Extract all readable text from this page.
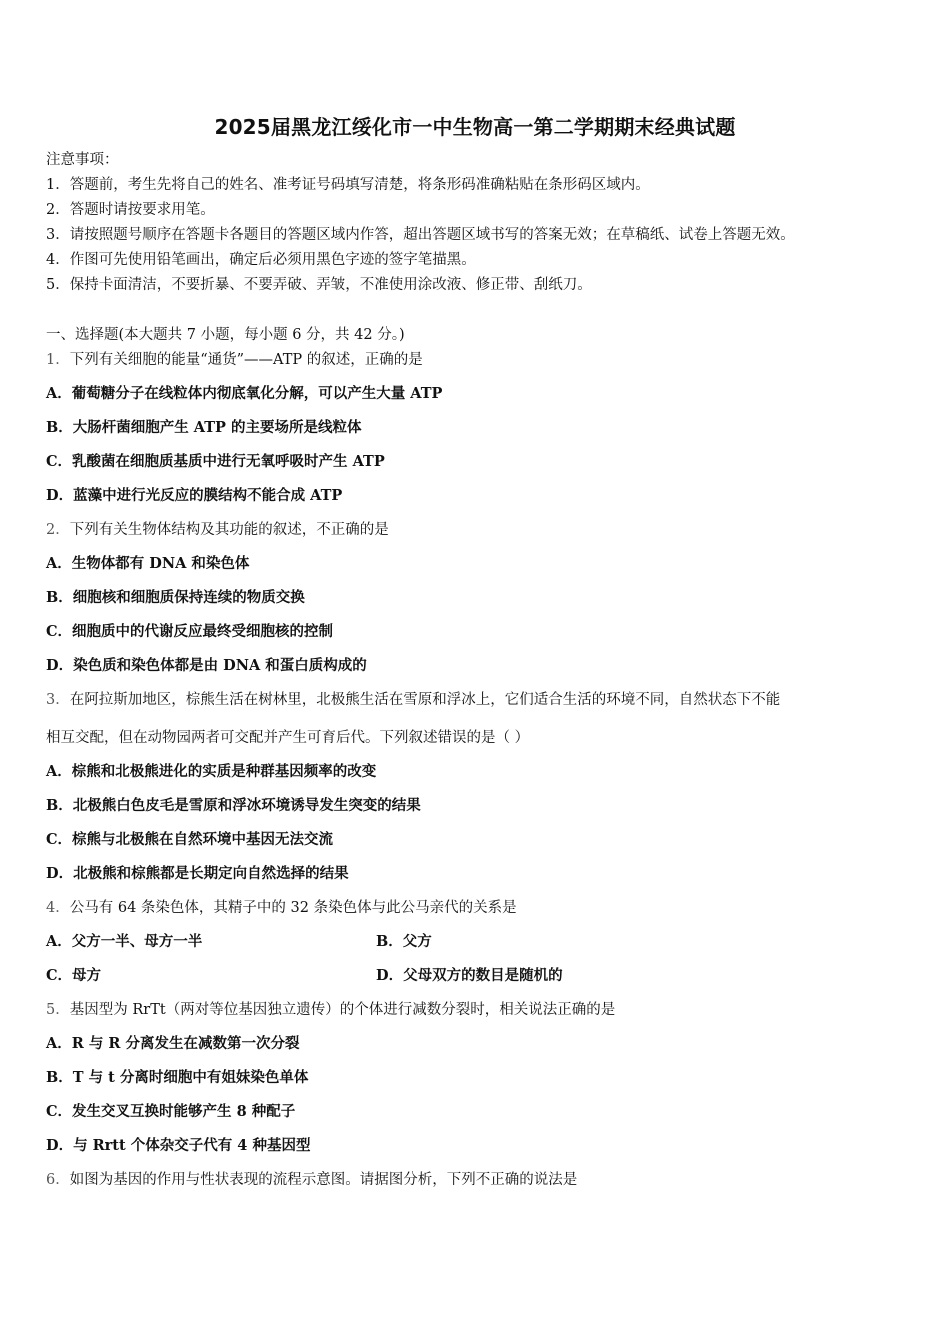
2025届黑龙江绥化市一中生物高一第二学期期末经典试题
注意事项：
1．答题前，考生先将自己的姓名、准考证号码填写清楚，将条形码准确粘贴在条形码区域内。
2．答题时请按要求用笔。
3．请按照题号顺序在答题卡各题目的答题区域内作答，超出答题区域书写的答案无效；在草稿纸、试卷上答题无效。
4．作图可先使用铅笔画出，确定后必须用黑色字迹的签字笔描黑。
5．保持卡面清洁，不要折暴、不要弄破、弄皱，不准使用涂改液、修正带、刮纸刀。
一、选择题(本大题共 7 小题，每小题 6 分，共 42 分。)
1．下列有关细胞的能量“通货”——ATP 的叙述，正确的是
A．葡萄糖分子在线粒体内彻底氧化分解，可以产生大量 ATP
B．大肠杆菌细胞产生 ATP 的主要场所是线粒体
C．乳酸菌在细胞质基质中进行无氧呼吸时产生 ATP
D．蓝藻中进行光反应的膜结构不能合成 ATP
2．下列有关生物体结构及其功能的叙述，不正确的是
A．生物体都有 DNA 和染色体
B．细胞核和细胞质保持连续的物质交换
C．细胞质中的代谢反应最终受细胞核的控制
D．染色质和染色体都是由 DNA 和蛋白质构成的
3．在阿拉斯加地区，棕熊生活在树林里，北极熊生活在雪原和浮冰上，它们适合生活的环境不同，自然状态下不能
相互交配，但在动物园两者可交配并产生可育后代。下列叙述错误的是（ ）
A．棕熊和北极熊进化的实质是种群基因频率的改变
B．北极熊白色皮毛是雪原和浮冰环境诱导发生突变的结果
C．棕熊与北极熊在自然环境中基因无法交流
D．北极熊和棕熊都是长期定向自然选择的结果
4．公马有 64 条染色体，其精子中的 32 条染色体与此公马亲代的关系是
A．父方一半、母方一半	B．父方
C．母方	D．父母双方的数目是随机的
5．基因型为 RrTt（两对等位基因独立遗传）的个体进行减数分裂时，相关说法正确的是
A．R 与 R 分离发生在减数第一次分裂
B．T 与 t 分离时细胞中有姐妹染色单体
C．发生交叉互换时能够产生 8 种配子
D．与 Rrtt 个体杂交子代有 4 种基因型
6．如图为基因的作用与性状表现的流程示意图。请据图分析，下列不正确的说法是
